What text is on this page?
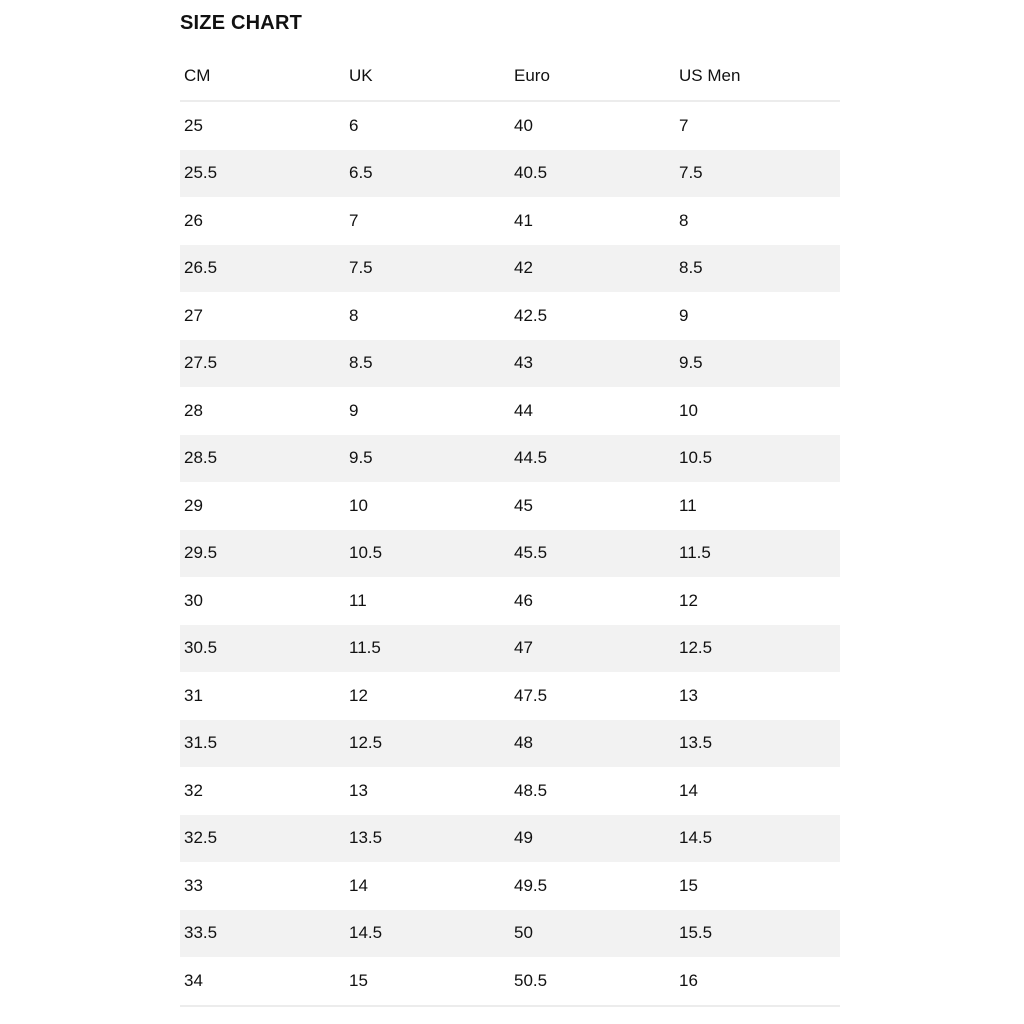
SIZE CHART
CM	UK	Euro	US Men
25	6	40	7
25.5	6.5	40.5	7.5
26	7	41	8
26.5	7.5	42	8.5
27	8	42.5	9
27.5	8.5	43	9.5
28	9	44	10
28.5	9.5	44.5	10.5
29	10	45	11
29.5	10.5	45.5	11.5
30	11	46	12
30.5	11.5	47	12.5
31	12	47.5	13
31.5	12.5	48	13.5
32	13	48.5	14
32.5	13.5	49	14.5
33	14	49.5	15
33.5	14.5	50	15.5
34	15	50.5	16
